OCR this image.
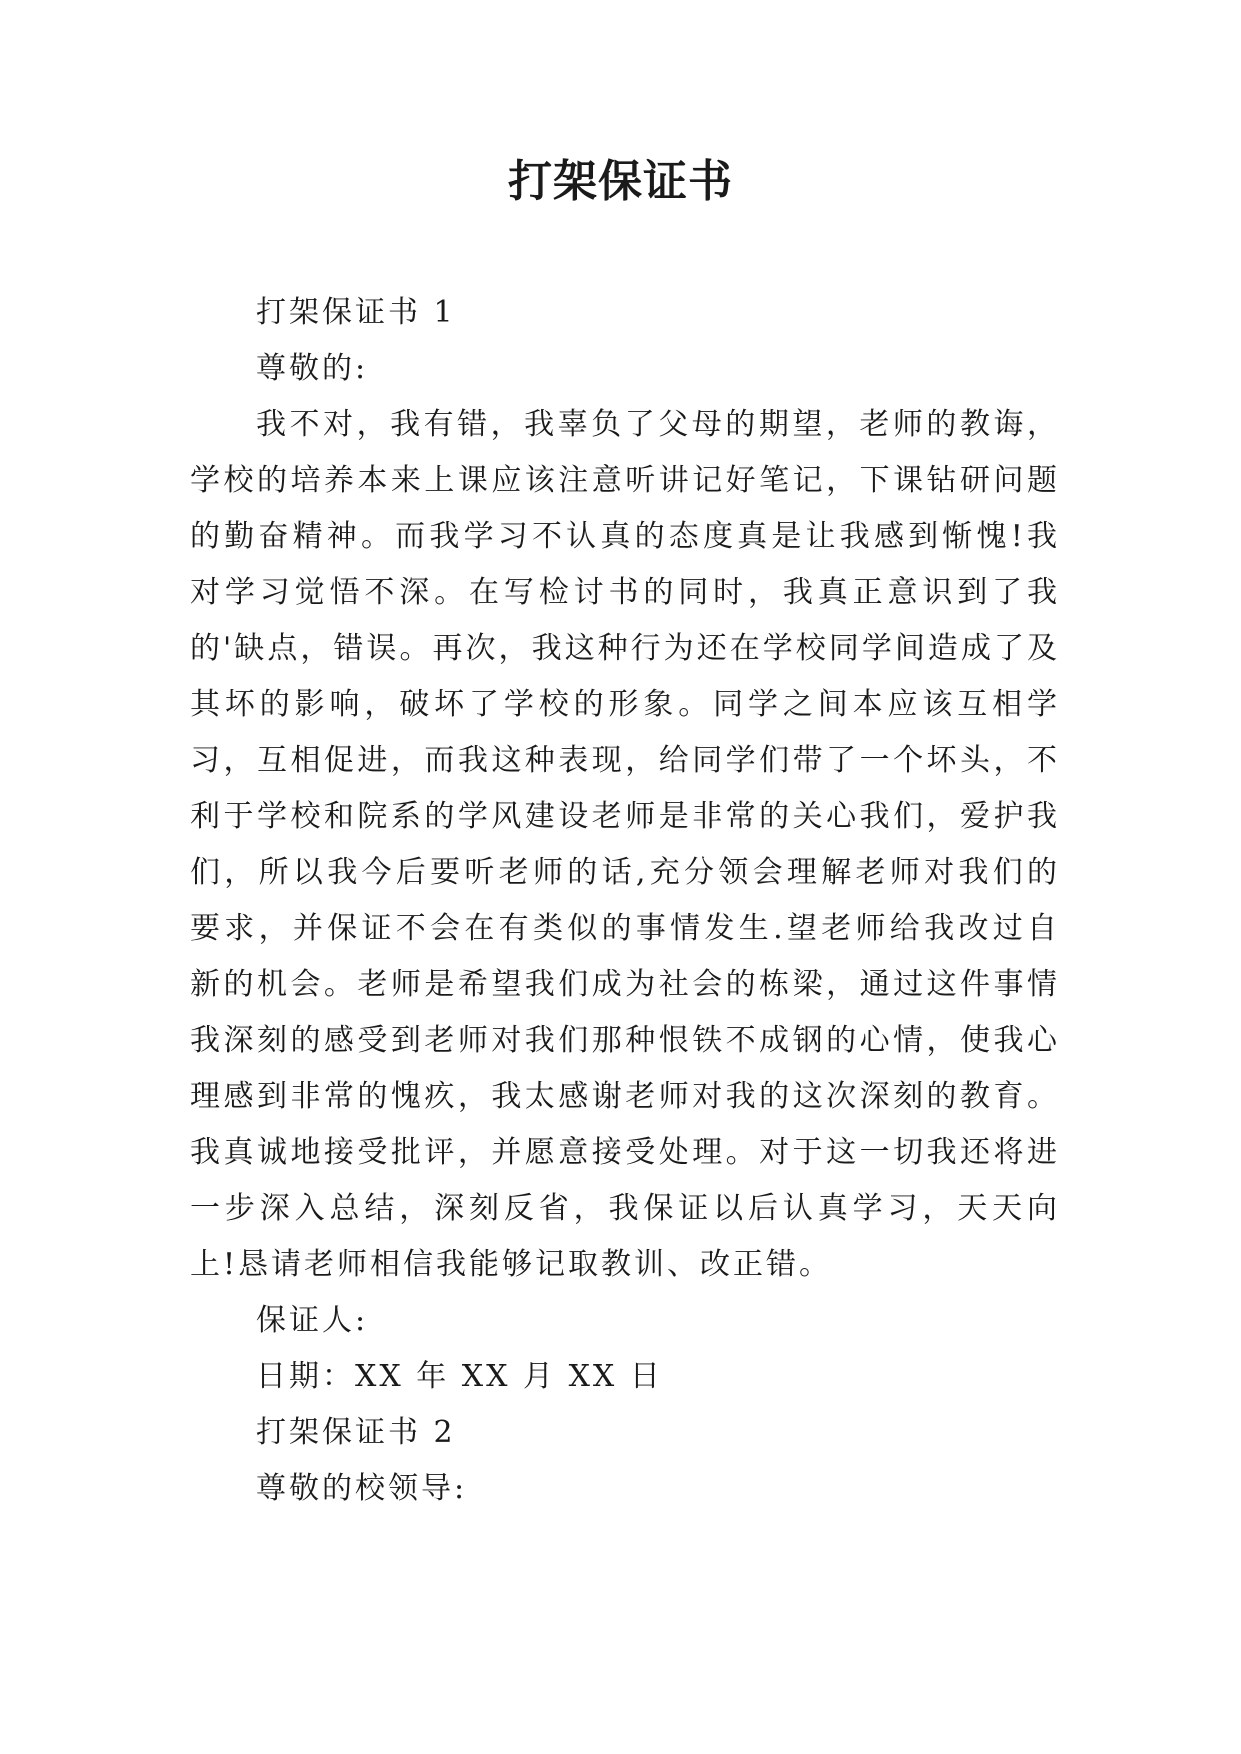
打架保证书
打架保证书 1
尊敬的:
我不对，我有错，我辜负了父母的期望，老师的教诲，学校的培养本来上课应该注意听讲记好笔记，下课钻研问题的勤奋精神。而我学习不认真的态度真是让我感到惭愧!我对学习觉悟不深。在写检讨书的同时，我真正意识到了我的'缺点，错误。再次，我这种行为还在学校同学间造成了及其坏的影响，破坏了学校的形象。同学之间本应该互相学习，互相促进，而我这种表现，给同学们带了一个坏头，不利于学校和院系的学风建设老师是非常的关心我们，爱护我们，所以我今后要听老师的话,充分领会理解老师对我们的要求，并保证不会在有类似的事情发生.望老师给我改过自新的机会。老师是希望我们成为社会的栋梁，通过这件事情我深刻的感受到老师对我们那种恨铁不成钢的心情，使我心理感到非常的愧疚，我太感谢老师对我的这次深刻的教育。我真诚地接受批评，并愿意接受处理。对于这一切我还将进一步深入总结，深刻反省，我保证以后认真学习，天天向上!恳请老师相信我能够记取教训、改正错。
保证人:
日期：XX 年 XX 月 XX 日
打架保证书 2
尊敬的校领导:
